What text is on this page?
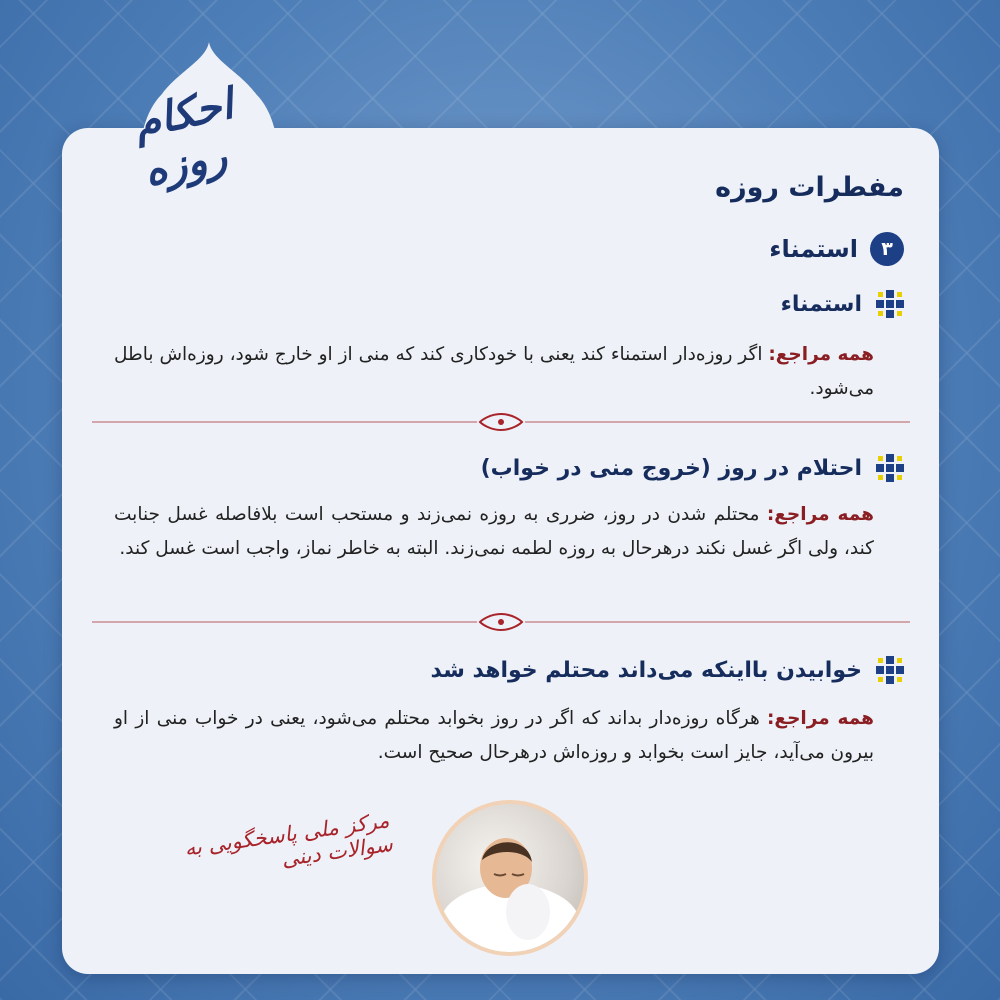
احکام روزه	مفطرات روزه
۳
استمناء
استمناء
همه مراجع: اگر روزه‌دار استمناء کند یعنی با خودکاری کند که منی از او خارج شود، روزه‌اش باطل می‌شود.
احتلام در روز (خروج منی در خواب)
همه مراجع: محتلم شدن در روز، ضرری به روزه نمی‌زند و مستحب است بلافاصله غسل جنابت کند، ولی اگر غسل نکند درهرحال به روزه لطمه نمی‌زند. البته به خاطر نماز، واجب است غسل کند.
خوابیدن بااینکه می‌داند محتلم خواهد شد
همه مراجع: هرگاه روزه‌دار بداند که اگر در روز بخوابد محتلم می‌شود، یعنی در خواب منی از او بیرون می‌آید، جایز است بخوابد و روزه‌اش درهرحال صحیح است.
مرکز ملی پاسخگویی به سوالات دینی
